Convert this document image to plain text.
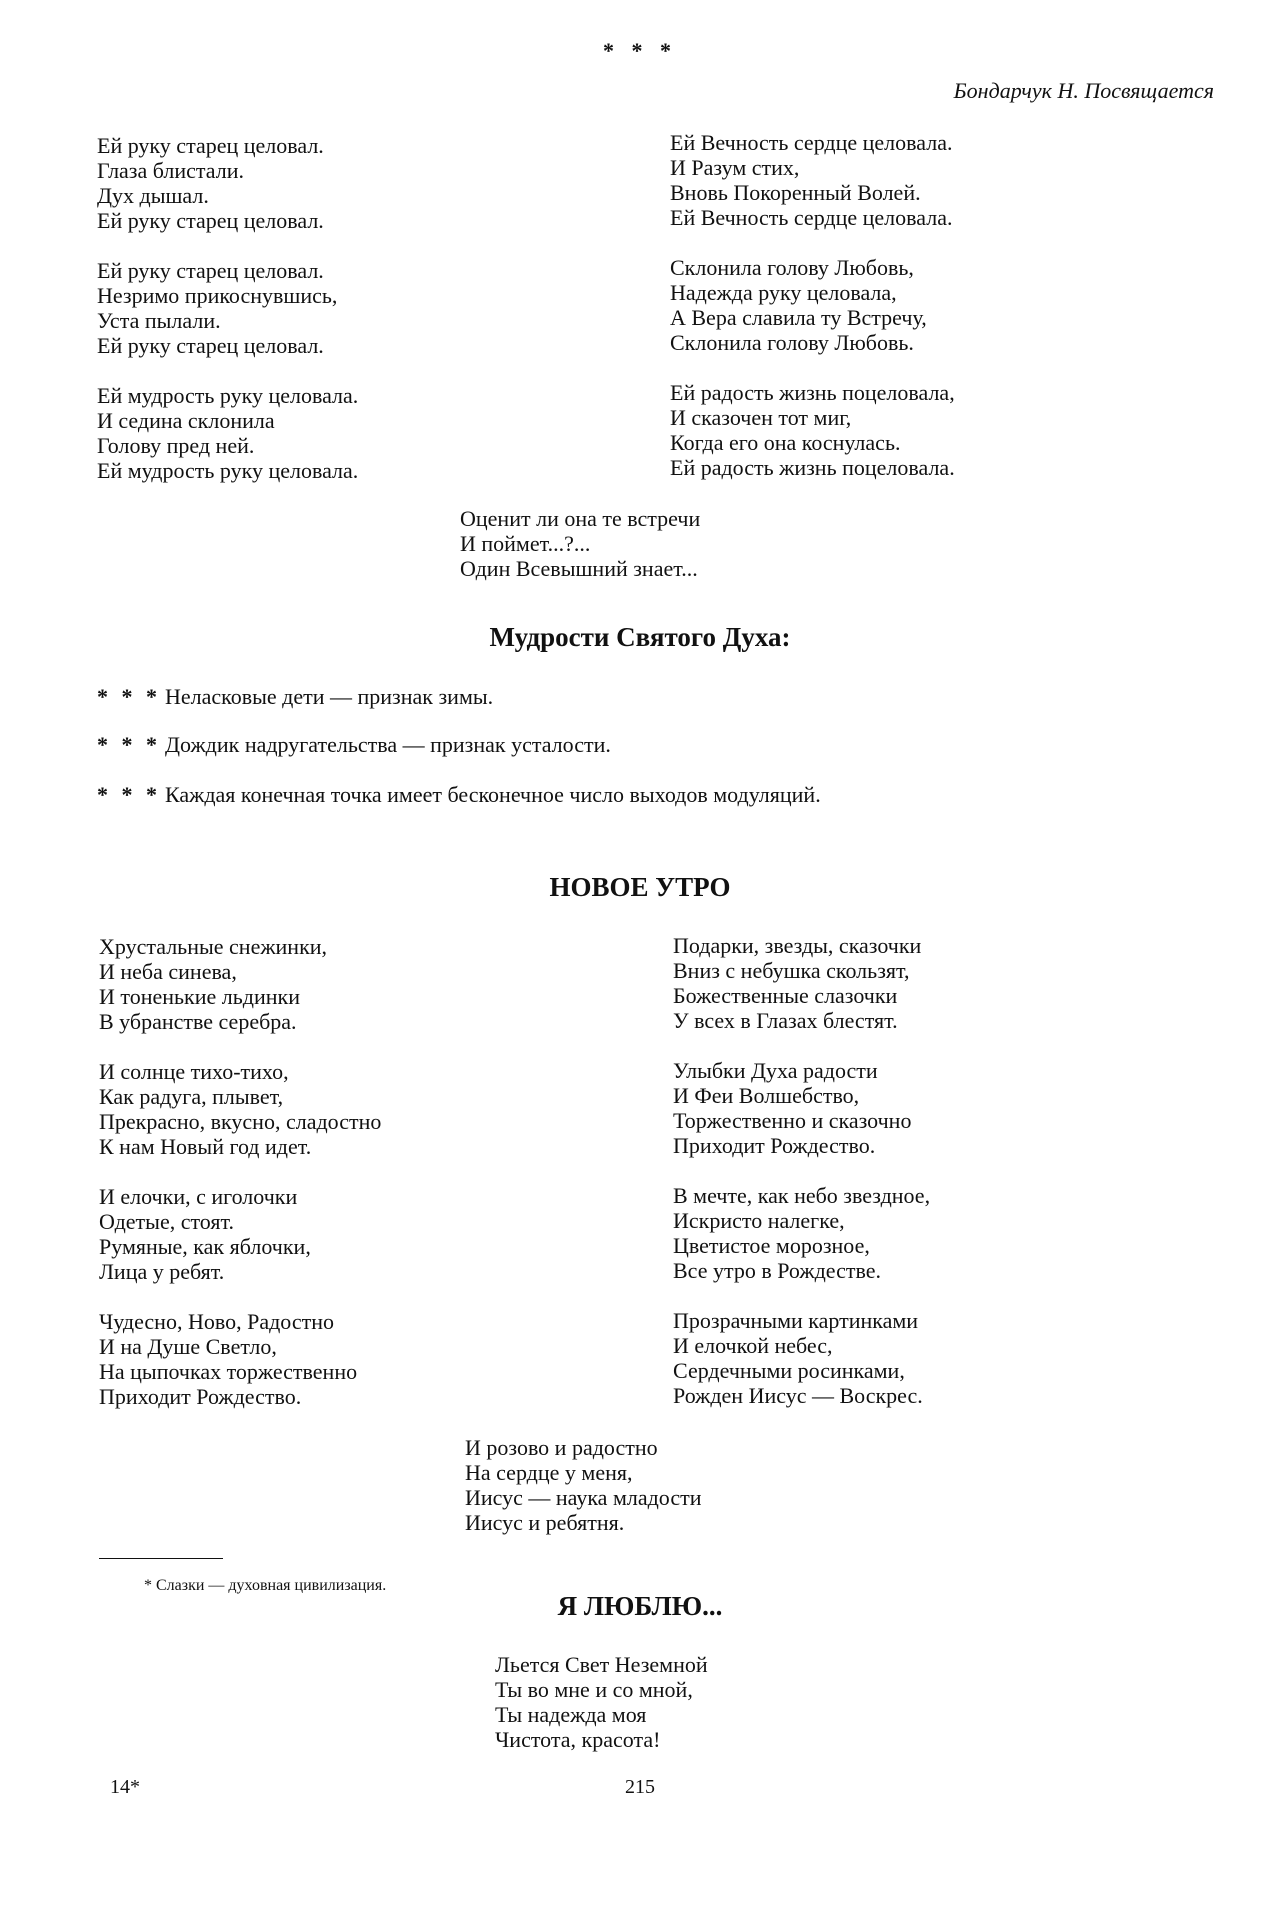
* * *
Бондарчук Н. Посвящается
Ей руку старец целовал.
Глаза блистали.
Дух дышал.
Ей руку старец целовал.
Ей руку старец целовал.
Незримо прикоснувшись,
Уста пылали.
Ей руку старец целовал.
Ей мудрость руку целовала.
И седина склонила
Голову пред ней.
Ей мудрость руку целовала.
Ей Вечность сердце целовала.
И Разум стих,
Вновь Покоренный Волей.
Ей Вечность сердце целовала.
Склонила голову Любовь,
Надежда руку целовала,
А Вера славила ту Встречу,
Склонила голову Любовь.
Ей радость жизнь поцеловала,
И сказочен тот миг,
Когда его она коснулась.
Ей радость жизнь поцеловала.
Оценит ли она те встречи
И поймет...?...
Один Всевышний знает...
Мудрости Святого Духа:
* * * Неласковые дети — признак зимы.
* * * Дождик надругательства — признак усталости.
* * * Каждая конечная точка имеет бесконечное число выходов модуляций.
НОВОЕ УТРО
Хрустальные снежинки,
И неба синева,
И тоненькие льдинки
В убранстве серебра.
И солнце тихо-тихо,
Как радуга, плывет,
Прекрасно, вкусно, сладостно
К нам Новый год идет.
И елочки, с иголочки
Одетые, стоят.
Румяные, как яблочки,
Лица у ребят.
Чудесно, Ново, Радостно
И на Душе Светло,
На цыпочках торжественно
Приходит Рождество.
Подарки, звезды, сказочки
Вниз с небушка скользят,
Божественные слазочки
У всех в Глазах блестят.
Улыбки Духа радости
И Феи Волшебство,
Торжественно и сказочно
Приходит Рождество.
В мечте, как небо звездное,
Искристо налегке,
Цветистое морозное,
Все утро в Рождестве.
Прозрачными картинками
И елочкой небес,
Сердечными росинками,
Рожден Иисус — Воскрес.
И розово и радостно
На сердце у меня,
Иисус — наука младости
Иисус и ребятня.
* Слазки — духовная цивилизация.
Я ЛЮБЛЮ...
Льется Свет Неземной
Ты во мне и со мной,
Ты надежда моя
Чистота, красота!
14*	215
